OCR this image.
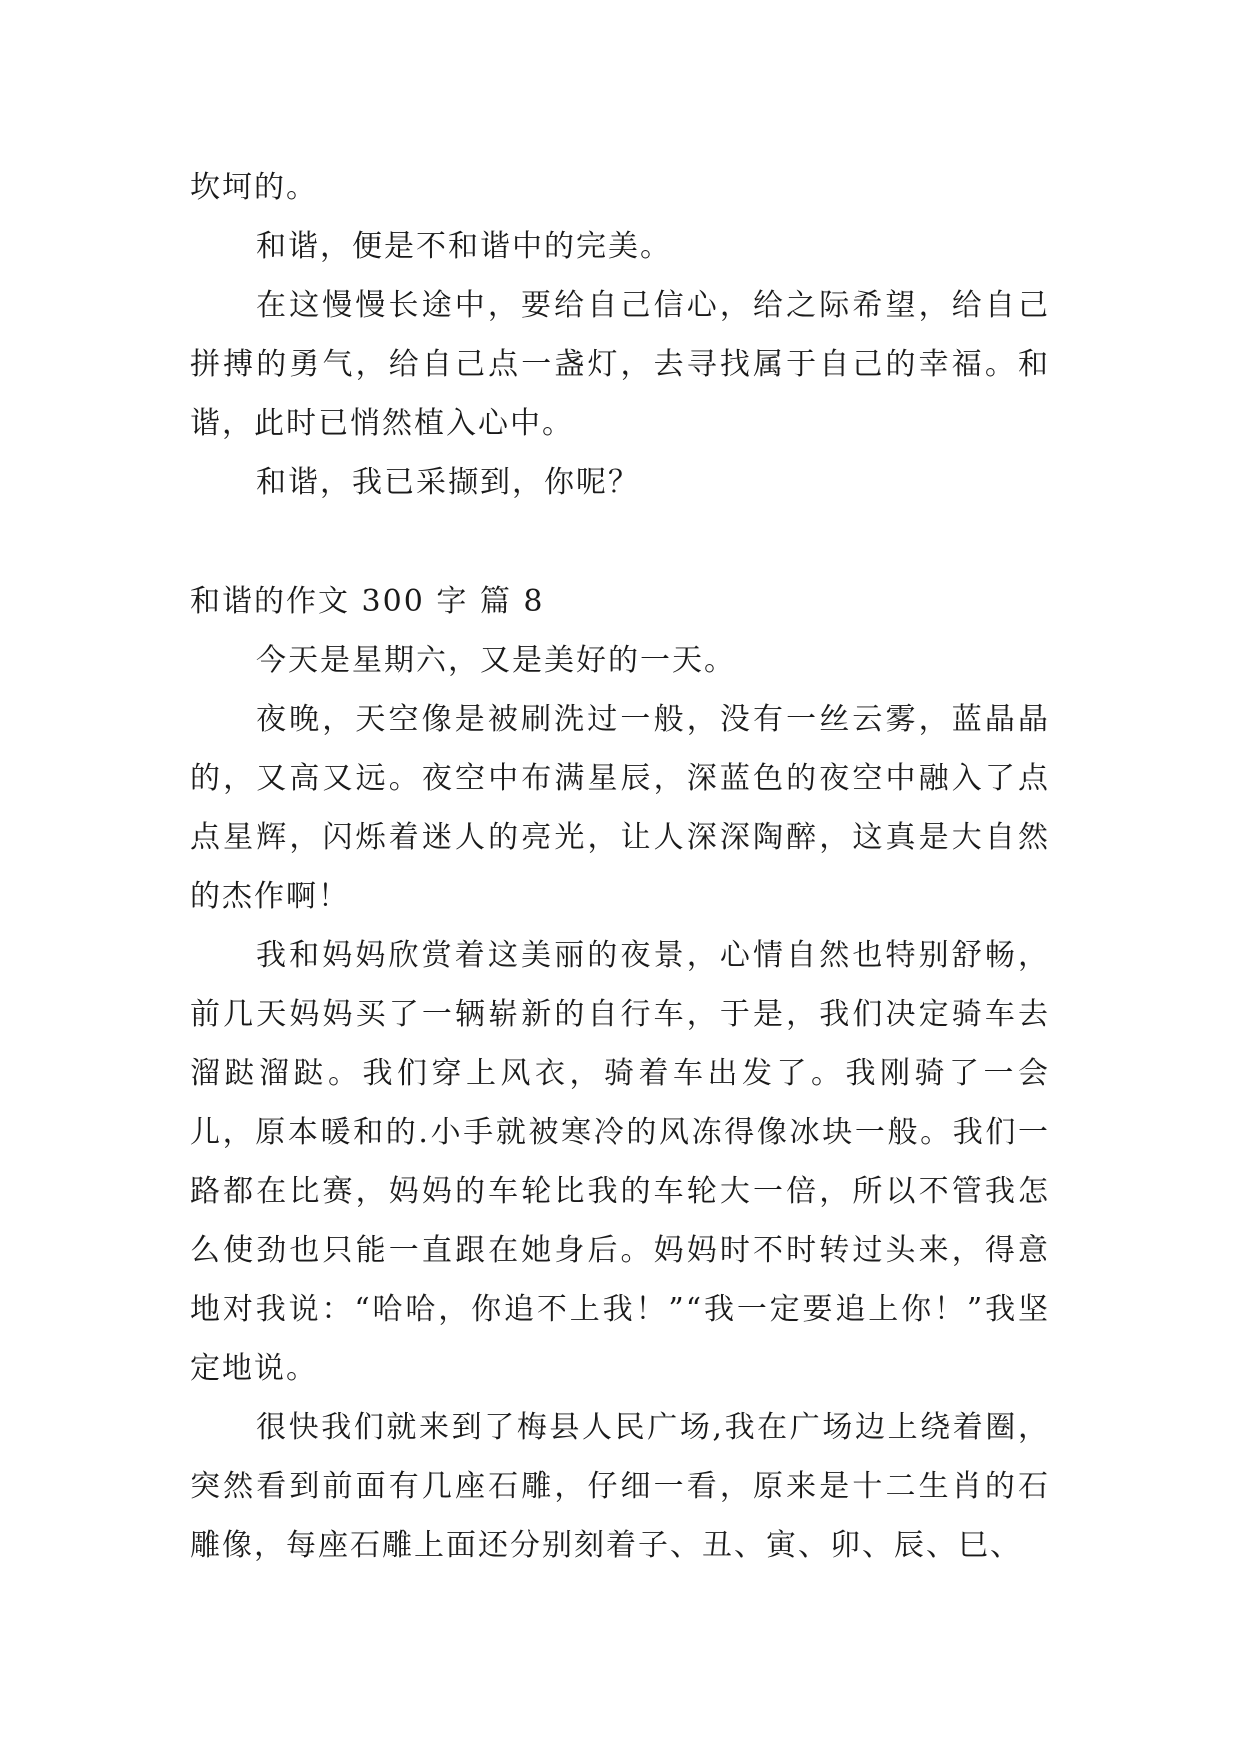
坎坷的。

和谐，便是不和谐中的完美。

在这慢慢长途中，要给自己信心，给之际希望，给自己拼搏的勇气，给自己点一盏灯，去寻找属于自己的幸福。和谐，此时已悄然植入心中。

和谐，我已采撷到，你呢？

和谐的作文 300 字 篇 8

今天是星期六，又是美好的一天。

夜晚，天空像是被刷洗过一般，没有一丝云雾，蓝晶晶的，又高又远。夜空中布满星辰，深蓝色的夜空中融入了点点星辉，闪烁着迷人的亮光，让人深深陶醉，这真是大自然的杰作啊！

我和妈妈欣赏着这美丽的夜景，心情自然也特别舒畅，前几天妈妈买了一辆崭新的自行车，于是，我们决定骑车去溜跶溜跶。我们穿上风衣，骑着车出发了。我刚骑了一会儿，原本暖和的.小手就被寒冷的风冻得像冰块一般。我们一路都在比赛，妈妈的车轮比我的车轮大一倍，所以不管我怎么使劲也只能一直跟在她身后。妈妈时不时转过头来，得意地对我说：“哈哈，你追不上我！”“我一定要追上你！”我坚定地说。

很快我们就来到了梅县人民广场,我在广场边上绕着圈，突然看到前面有几座石雕，仔细一看，原来是十二生肖的石雕像，每座石雕上面还分别刻着子、丑、寅、卯、辰、巳、
